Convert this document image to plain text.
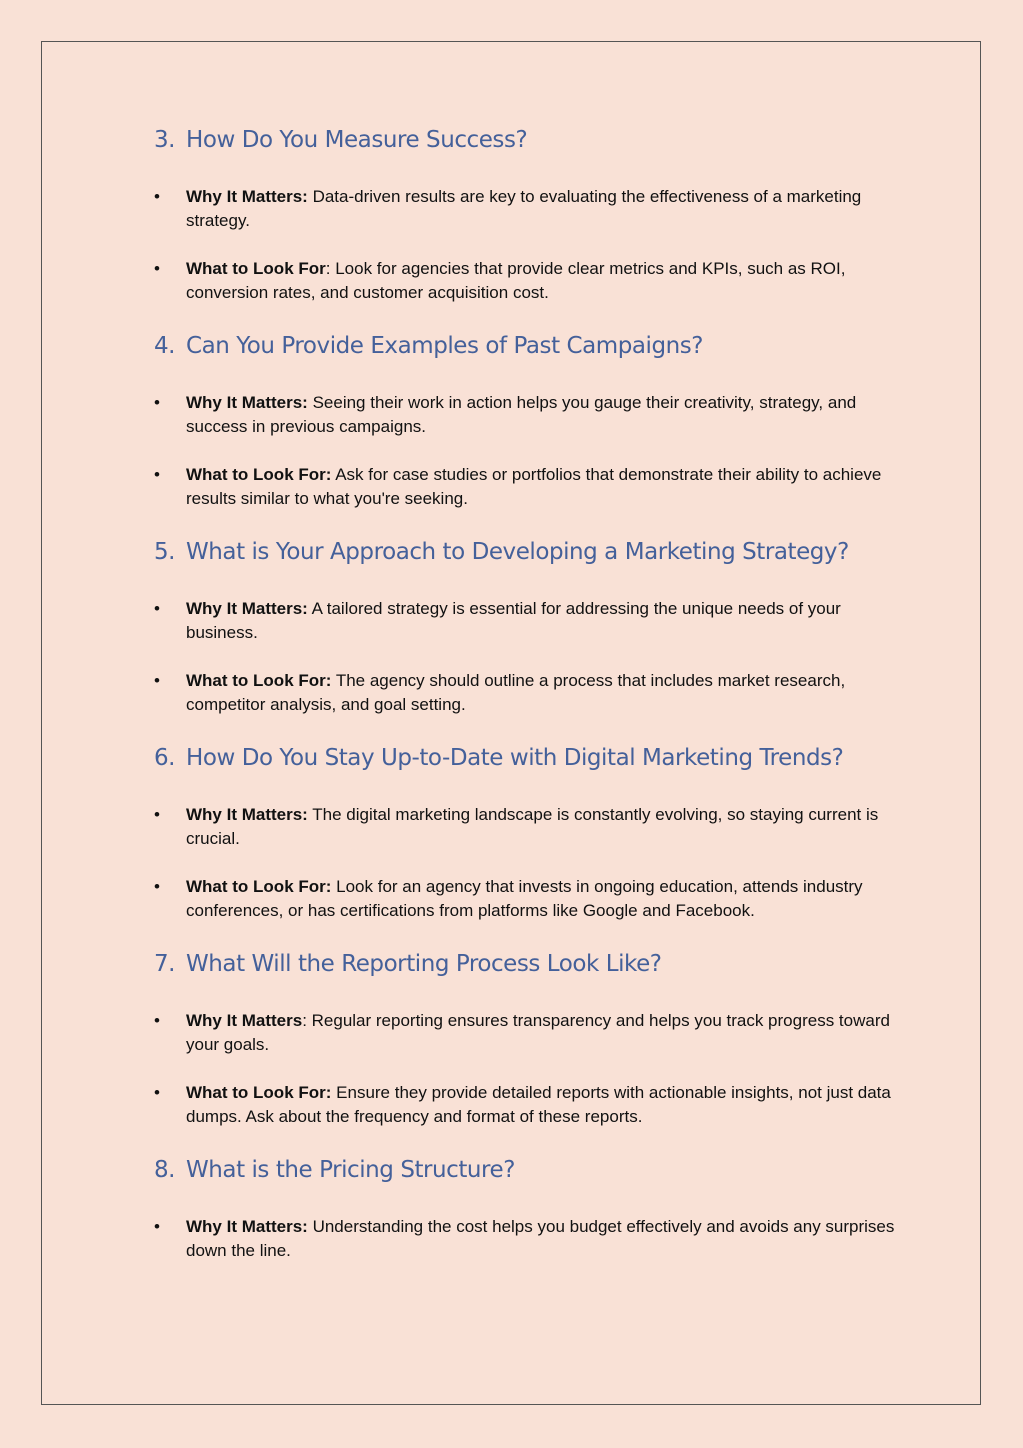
3. How Do You Measure Success?
• Why It Matters: Data-driven results are key to evaluating the effectiveness of a marketing strategy.
• What to Look For: Look for agencies that provide clear metrics and KPIs, such as ROI, conversion rates, and customer acquisition cost.
4. Can You Provide Examples of Past Campaigns?
• Why It Matters: Seeing their work in action helps you gauge their creativity, strategy, and success in previous campaigns.
• What to Look For: Ask for case studies or portfolios that demonstrate their ability to achieve results similar to what you're seeking.
5. What is Your Approach to Developing a Marketing Strategy?
• Why It Matters: A tailored strategy is essential for addressing the unique needs of your business.
• What to Look For: The agency should outline a process that includes market research, competitor analysis, and goal setting.
6. How Do You Stay Up-to-Date with Digital Marketing Trends?
• Why It Matters: The digital marketing landscape is constantly evolving, so staying current is crucial.
• What to Look For: Look for an agency that invests in ongoing education, attends industry conferences, or has certifications from platforms like Google and Facebook.
7. What Will the Reporting Process Look Like?
• Why It Matters: Regular reporting ensures transparency and helps you track progress toward your goals.
• What to Look For: Ensure they provide detailed reports with actionable insights, not just data dumps. Ask about the frequency and format of these reports.
8. What is the Pricing Structure?
• Why It Matters: Understanding the cost helps you budget effectively and avoids any surprises down the line.
